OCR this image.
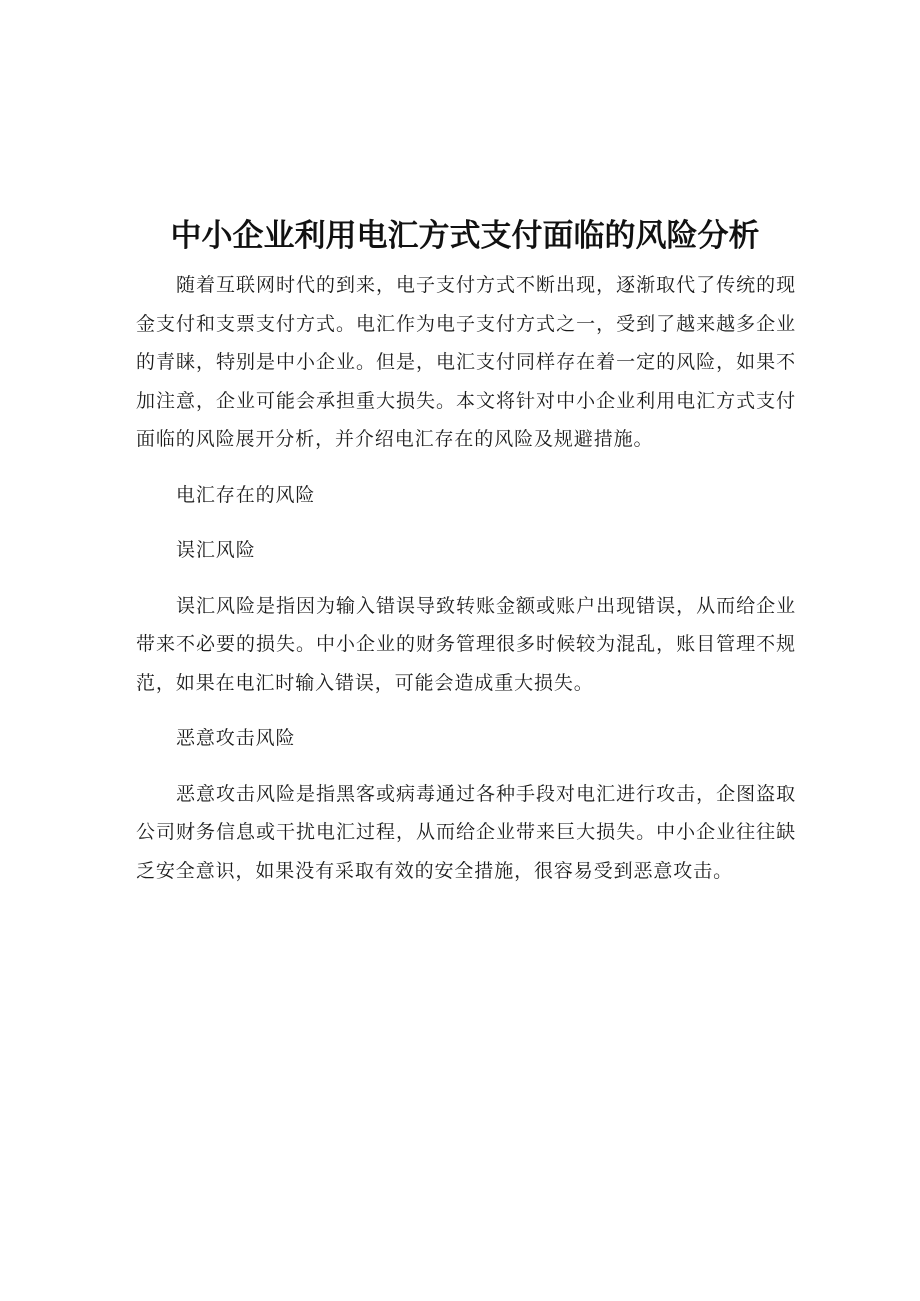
中小企业利用电汇方式支付面临的风险分析

随着互联网时代的到来，电子支付方式不断出现，逐渐取代了传统的现金支付和支票支付方式。电汇作为电子支付方式之一，受到了越来越多企业的青睐，特别是中小企业。但是，电汇支付同样存在着一定的风险，如果不加注意，企业可能会承担重大损失。本文将针对中小企业利用电汇方式支付面临的风险展开分析，并介绍电汇存在的风险及规避措施。

电汇存在的风险

误汇风险

误汇风险是指因为输入错误导致转账金额或账户出现错误，从而给企业带来不必要的损失。中小企业的财务管理很多时候较为混乱，账目管理不规范，如果在电汇时输入错误，可能会造成重大损失。

恶意攻击风险

恶意攻击风险是指黑客或病毒通过各种手段对电汇进行攻击，企图盗取公司财务信息或干扰电汇过程，从而给企业带来巨大损失。中小企业往往缺乏安全意识，如果没有采取有效的安全措施，很容易受到恶意攻击。
